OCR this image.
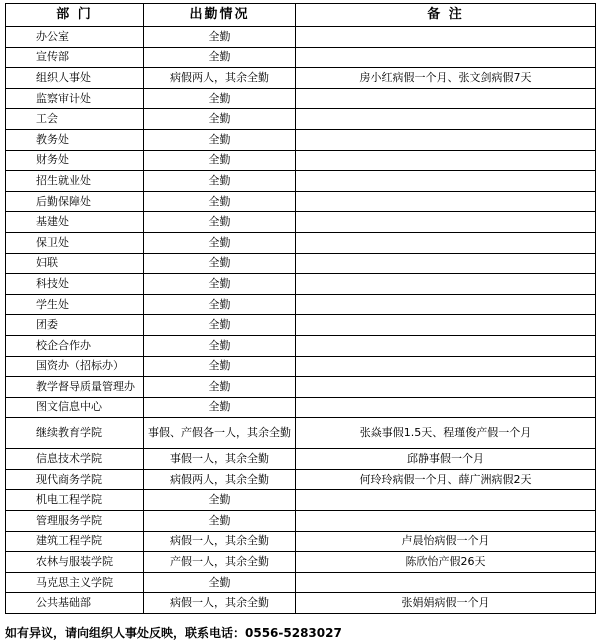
部 门	出勤情况	备 注
办公室	全勤	
宣传部	全勤	
组织人事处	病假两人，其余全勤	房小红病假一个月、张文剑病假7天
监察审计处	全勤	
工会	全勤	
教务处	全勤	
财务处	全勤	
招生就业处	全勤	
后勤保障处	全勤	
基建处	全勤	
保卫处	全勤	
妇联	全勤	
科技处	全勤	
学生处	全勤	
团委	全勤	
校企合作办	全勤	
国资办（招标办）	全勤	
教学督导质量管理办	全勤	
图文信息中心	全勤	
继续教育学院	事假、产假各一人，其余全勤	张焱事假1.5天、程瑾俊产假一个月
信息技术学院	事假一人，其余全勤	邱静事假一个月
现代商务学院	病假两人，其余全勤	何玲玲病假一个月、薛广洲病假2天
机电工程学院	全勤	
管理服务学院	全勤	
建筑工程学院	病假一人，其余全勤	卢晨怡病假一个月
农林与服装学院	产假一人，其余全勤	陈欣怡产假26天
马克思主义学院	全勤	
公共基础部	病假一人，其余全勤	张娟娟病假一个月
如有异议，请向组织人事处反映，联系电话：0556-5283027
